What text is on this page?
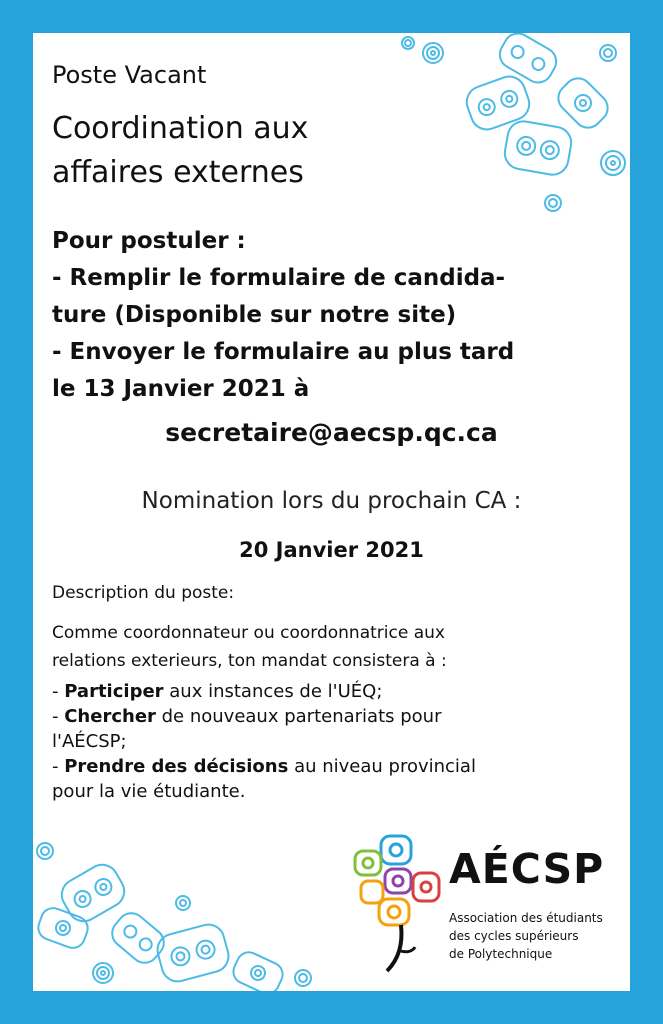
Poste Vacant

Coordination aux
affaires externes

Pour postuler :
- Remplir le formulaire de candida-
ture (Disponible sur notre site)
- Envoyer le formulaire au plus tard
le 13 Janvier 2021 à

secretaire@aecsp.qc.ca

Nomination lors du prochain CA :

20 Janvier 2021

Description du poste:

Comme coordonnateur ou coordonnatrice aux
relations exterieurs, ton mandat consistera à :
- Participer aux instances de l'UÉQ;
- Chercher de nouveaux partenariats pour
l'AÉCSP;
- Prendre des décisions au niveau provincial
pour la vie étudiante.

AÉCSP

Association des étudiants
des cycles supérieurs
de Polytechnique
